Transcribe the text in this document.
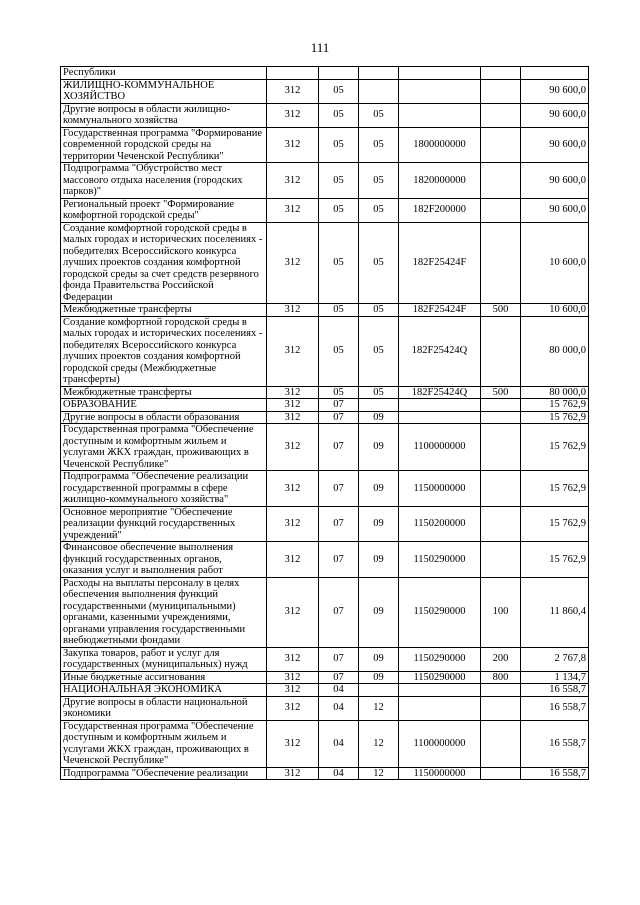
111
Республики						
ЖИЛИЩНО-КОММУНАЛЬНОЕ ХОЗЯЙСТВО	312	05				90 600,0
Другие вопросы в области жилищно-коммунального хозяйства	312	05	05			90 600,0
Государственная программа "Формирование современной городской среды на территории Чеченской Республики"	312	05	05	1800000000		90 600,0
Подпрограмма "Обустройство мест массового отдыха населения (городских парков)"	312	05	05	1820000000		90 600,0
Региональный проект "Формирование комфортной городской среды"	312	05	05	182F200000		90 600,0
Создание комфортной городской среды в малых городах и исторических поселениях - победителях Всероссийского конкурса лучших проектов создания комфортной городской среды за счет средств резервного фонда Правительства Российской Федерации	312	05	05	182F25424F		10 600,0
Межбюджетные трансферты	312	05	05	182F25424F	500	10 600,0
Создание комфортной городской среды в малых городах и исторических поселениях - победителях Всероссийского конкурса лучших проектов создания комфортной городской среды (Межбюджетные трансферты)	312	05	05	182F25424Q		80 000,0
Межбюджетные трансферты	312	05	05	182F25424Q	500	80 000,0
ОБРАЗОВАНИЕ	312	07				15 762,9
Другие вопросы в области образования	312	07	09			15 762,9
Государственная программа "Обеспечение доступным и комфортным жильем и услугами ЖКХ граждан, проживающих в Чеченской Республике"	312	07	09	1100000000		15 762,9
Подпрограмма "Обеспечение реализации государственной программы в сфере жилищно-коммунального хозяйства"	312	07	09	1150000000		15 762,9
Основное мероприятие "Обеспечение реализации функций государственных учреждений"	312	07	09	1150200000		15 762,9
Финансовое обеспечение выполнения функций государственных органов, оказания услуг и выполнения работ	312	07	09	1150290000		15 762,9
Расходы на выплаты персоналу в целях обеспечения выполнения функций государственными (муниципальными) органами, казенными учреждениями, органами управления государственными внебюджетными фондами	312	07	09	1150290000	100	11 860,4
Закупка товаров, работ и услуг для государственных (муниципальных) нужд	312	07	09	1150290000	200	2 767,8
Иные бюджетные ассигнования	312	07	09	1150290000	800	1 134,7
НАЦИОНАЛЬНАЯ ЭКОНОМИКА	312	04				16 558,7
Другие вопросы в области национальной экономики	312	04	12			16 558,7
Государственная программа "Обеспечение доступным и комфортным жильем и услугами ЖКХ граждан, проживающих в Чеченской Республике"	312	04	12	1100000000		16 558,7
Подпрограмма "Обеспечение реализации	312	04	12	1150000000		16 558,7
